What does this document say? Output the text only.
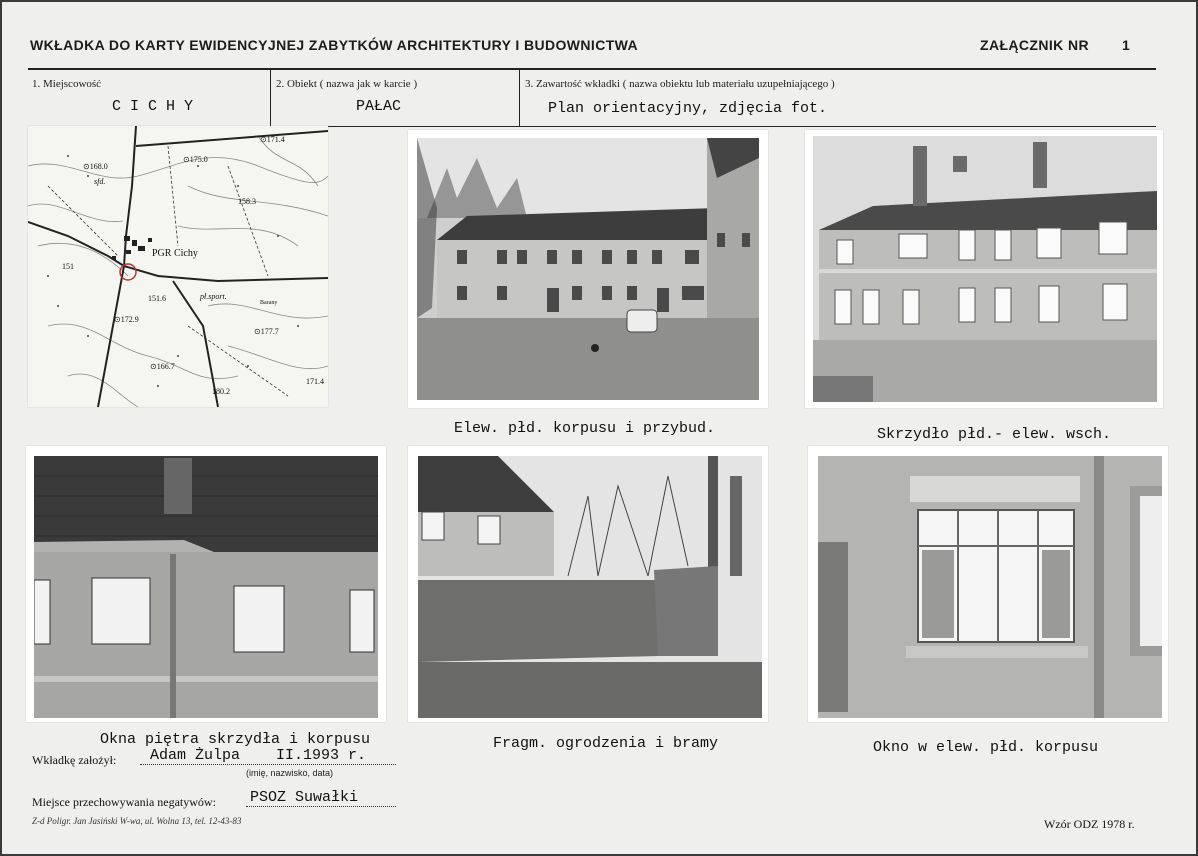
WKŁADKA DO KARTY EWIDENCYJNEJ ZABYTKÓW ARCHITEKTURY I BUDOWNICTWA	ZAŁĄCZNIK NR 1
1. Miejscowość
C I C H Y
2. Obiekt ( nazwa jak w karcie )
PAŁAC
3. Zawartość wkładki ( nazwa obiektu lub materiału uzupełniającego )
Plan orientacyjny, zdjęcia fot.
⊙168.0
⊙175.0
⊙171.4
sfd.
158.3
PGR Cichy
151
151.6	pł.sport.
Barany
⊙172.9
⊙177.7
⊙166.7
180.2
171.4
Elew. płd. korpusu i przybud.	Skrzydło płd.- elew. wsch.
Okna piętra skrzydła i korpusu	Fragm. ogrodzenia i bramy	Okno w elew. płd. korpusu
Wkładkę założył: Adam Żulpa    II.1993 r.
(imię, nazwisko, data)
Miejsce przechowywania negatywów: PSOZ Suwałki
Z-d Poligr. Jan Jasiński W-wa, ul. Wolna 13, tel. 12-43-83	Wzór ODZ 1978 r.
